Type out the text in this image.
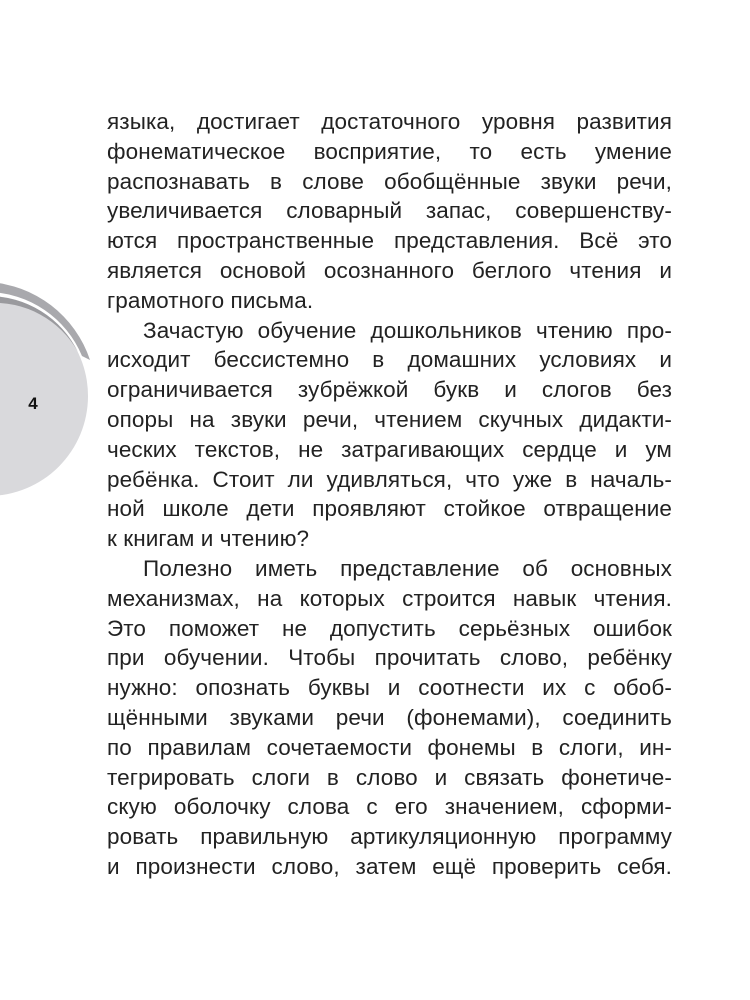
4
языка, достигает достаточного уровня развития
фонематическое восприятие, то есть умение
распознавать в слове обобщённые звуки речи,
увеличивается словарный запас, совершенству-
ются пространственные представления. Всё это
является основой осознанного беглого чтения и
грамотного письма.
Зачастую обучение дошкольников чтению про-
исходит бессистемно в домашних условиях и
ограничивается зубрёжкой букв и слогов без
опоры на звуки речи, чтением скучных дидакти-
ческих текстов, не затрагивающих сердце и ум
ребёнка. Стоит ли удивляться, что уже в началь-
ной школе дети проявляют стойкое отвращение
к книгам и чтению?
Полезно иметь представление об основных
механизмах, на которых строится навык чтения.
Это поможет не допустить серьёзных ошибок
при обучении. Чтобы прочитать слово, ребёнку
нужно: опознать буквы и соотнести их с обоб-
щёнными звуками речи (фонемами), соединить
по правилам сочетаемости фонемы в слоги, ин-
тегрировать слоги в слово и связать фонетиче-
скую оболочку слова с его значением, сформи-
ровать правильную артикуляционную программу
и произнести слово, затем ещё проверить себя.
